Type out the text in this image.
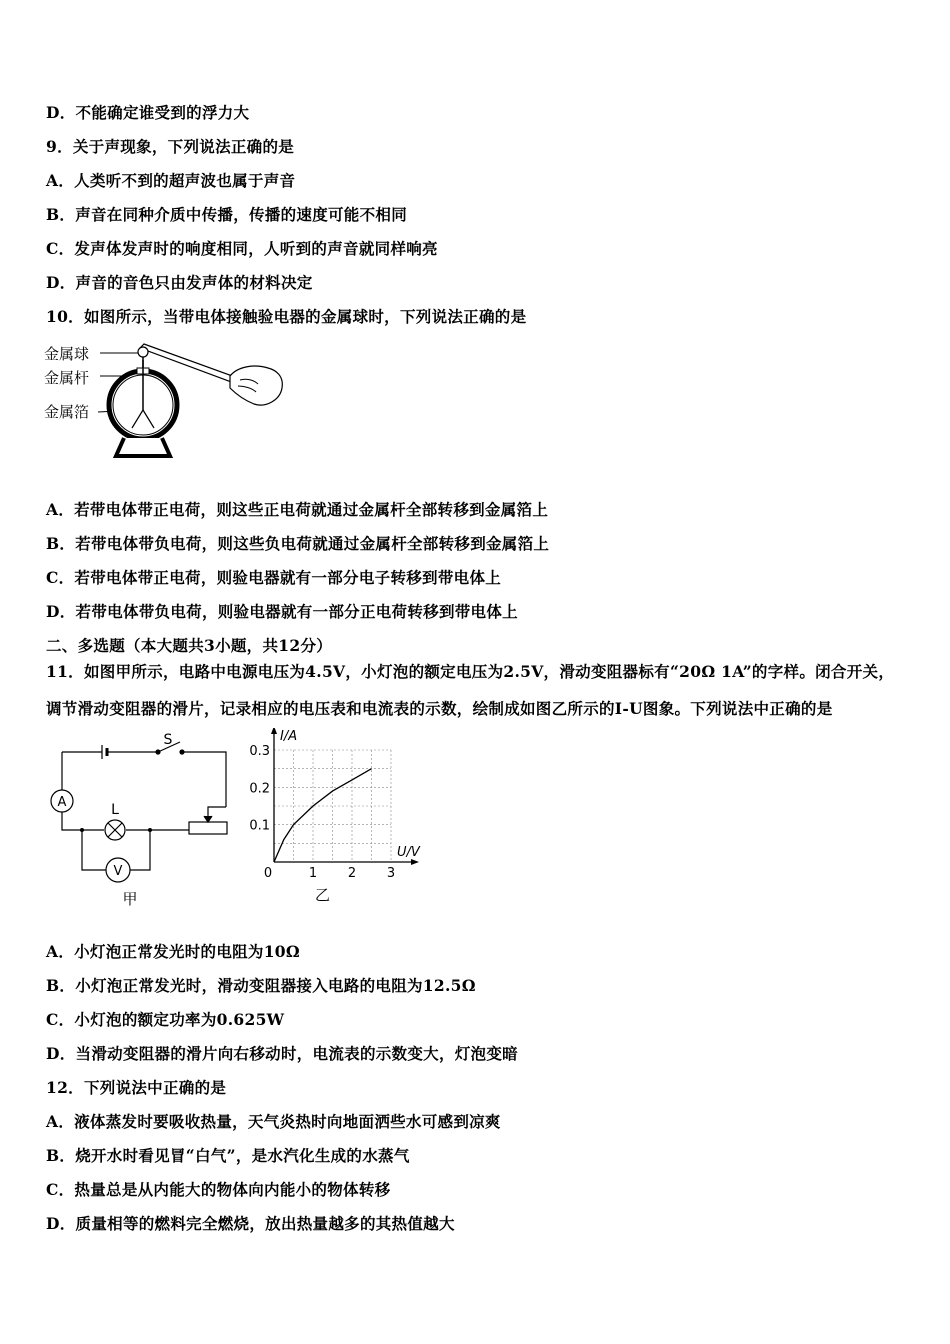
D．不能确定谁受到的浮力大
9．关于声现象，下列说法正确的是
A．人类听不到的超声波也属于声音
B．声音在同种介质中传播，传播的速度可能不相同
C．发声体发声时的响度相同，人听到的声音就同样响亮
D．声音的音色只由发声体的材料决定
10．如图所示，当带电体接触验电器的金属球时，下列说法正确的是
金属球
金属杆
金属箔
A．若带电体带正电荷，则这些正电荷就通过金属杆全部转移到金属箔上
B．若带电体带负电荷，则这些负电荷就通过金属杆全部转移到金属箔上
C．若带电体带正电荷，则验电器就有一部分电子转移到带电体上
D．若带电体带负电荷，则验电器就有一部分正电荷转移到带电体上
二、多选题（本大题共3小题，共12分）
11．如图甲所示，电路中电源电压为4.5V，小灯泡的额定电压为2.5V，滑动变阻器标有“20Ω 1A”的字样。闭合开关，
调节滑动变阻器的滑片，记录相应的电压表和电流表的示数，绘制成如图乙所示的I-U图象。下列说法中正确的是
A	L
V
S
甲
0	1 2 3
0.1
0.2
0.3
I/A
U/V
乙
A．小灯泡正常发光时的电阻为10Ω
B．小灯泡正常发光时，滑动变阻器接入电路的电阻为12.5Ω
C．小灯泡的额定功率为0.625W
D．当滑动变阻器的滑片向右移动时，电流表的示数变大，灯泡变暗
12．下列说法中正确的是
A．液体蒸发时要吸收热量，天气炎热时向地面洒些水可感到凉爽
B．烧开水时看见冒“白气”，是水汽化生成的水蒸气
C．热量总是从内能大的物体向内能小的物体转移
D．质量相等的燃料完全燃烧，放出热量越多的其热值越大
